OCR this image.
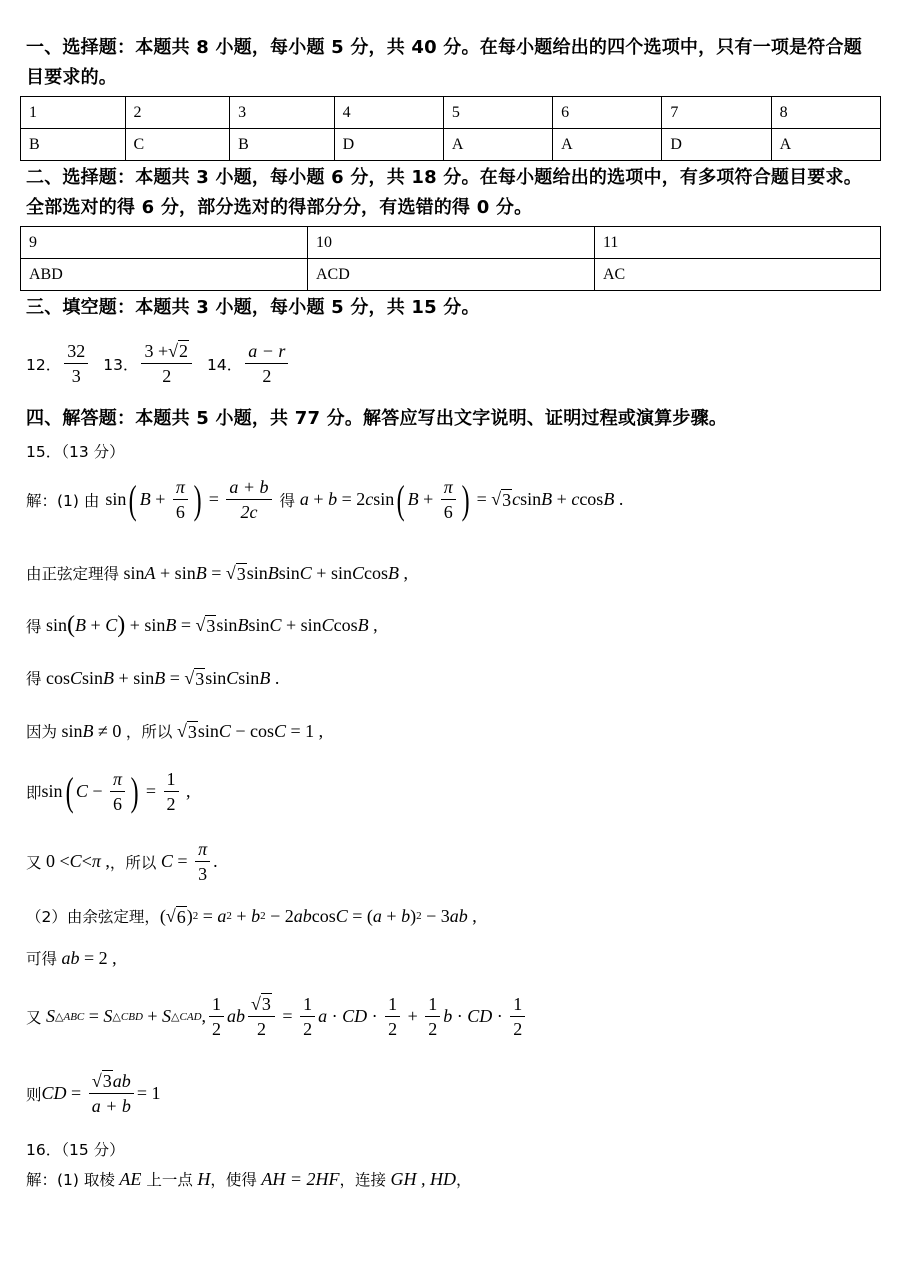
一、选择题：本题共 8 小题，每小题 5 分，共 40 分。在每小题给出的四个选项中，只有一项是符合题目要求的。
1	2	3	4	5	6	7	8
B	C	B	D	A	A	D	A
二、选择题：本题共 3 小题，每小题 6 分，共 18 分。在每小题给出的选项中，有多项符合题目要求。全部选对的得 6 分，部分选对的得部分分，有选错的得 0 分。
9	10	11
ABD	ACD	AC
三、填空题：本题共 3 小题，每小题 5 分，共 15 分。
12． $\frac{32}{3} 13$． $\frac{3 + √ 2}{2} 14$． $\frac{a - r}{2}$
四、解答题：本题共 5 小题，共 77 分。解答应写出文字说明、证明过程或演算步骤。
15．（13 分）
解：(1) 由 sin ( $B + \frac{\pi}{6}$ ) = $\frac{a + b}{2c}$ 得 a + b = 2 c sin ( $B + \frac{\pi}{6}$ ) = √ 3 c sin B + c cos B .
由正弦定理得 sin A + sin B = √ 3 sin B sin C + sin C cos B ,
得 sin ( B + C ) + sin B = √ 3 sin B sin C + sin C cos B ,
得 cos C sin B + sin B = √ 3 sin C sin B .
因为 sin B ≠ 0 ，所以
√ 3 sin C − cos C = 1 ,
即 sin ( $C - \frac{\pi}{6}$ ) = $\frac{1}{2}$ ,
又 0 < C < π , ，所以
$C = \frac{\pi}{3}$ .
（2）由余弦定理， ( √ 6 ) 2 = a 2 + b 2 − 2 ab cos C = ( a + b ) 2 − 3 ab ,
可得
ab = 2 ,
又
S △ABC = S △CBD + S △CAD , $\frac{1}{2}$ ab $\frac{√ 3}{2} = \frac{1}{2}$ a · CD · $\frac{1}{2} + \frac{1}{2}$ b · CD · $\frac{1}{2}$
则 CD = $\frac{√ 3 ab}{a + b} = 1$
16．（15 分）
解：(1) 取棱
AE
上一点
H ，使得
AH = 2HF ，连接
GH , HD ，
